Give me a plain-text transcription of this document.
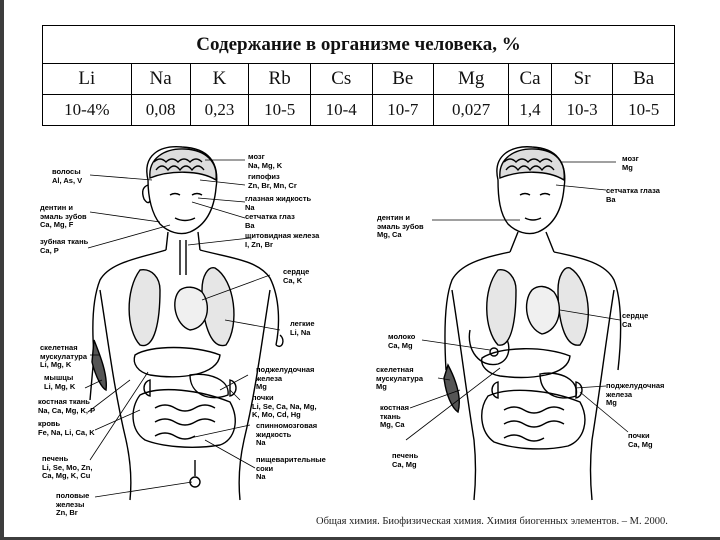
Содержание в организме человека, %									
Li	Na	K	Rb	Cs	Be	Mg	Ca	Sr	Ba
10-4%	0,08	0,23	10-5	10-4	10-7	0,027	1,4	10-3	10-5
волосы
Al, As, V
дентин и
эмаль зубов
Ca, Mg, F
зубная ткань
Ca, P
мозг
Na, Mg, K
гипофиз
Zn, Br, Mn, Cr
глазная жидкость
Na
сетчатка глаз
Ba
щитовидная железа
I, Zn, Br
сердце
Ca, K
легкие
Li, Na
скелетная
мускулатура
Li, Mg, K
мышцы
Li, Mg, K
костная ткань
Na, Ca, Mg, K, P
кровь
Fe, Na, Li, Ca, K
поджелудочная
железа
Mg
почки
Li, Se, Ca, Na, Mg,
K, Mo, Cd, Hg
спинномозговая
жидкость
Na
печень
Li, Se, Mo, Zn,
Ca, Mg, K, Cu
пищеварительные
соки
Na
половые
железы
Zn, Br
мозг
Mg
сетчатка глаза
Ba
дентин и
эмаль зубов
Mg, Ca
сердце
Ca
молоко
Ca, Mg
скелетная
мускулатура
Mg	поджелудочная
железа
Mg
костная
ткань
Mg, Ca
почки
Ca, Mg
печень
Ca, Mg
Общая химия. Биофизическая химия. Химия биогенных элементов. – М. 2000.
